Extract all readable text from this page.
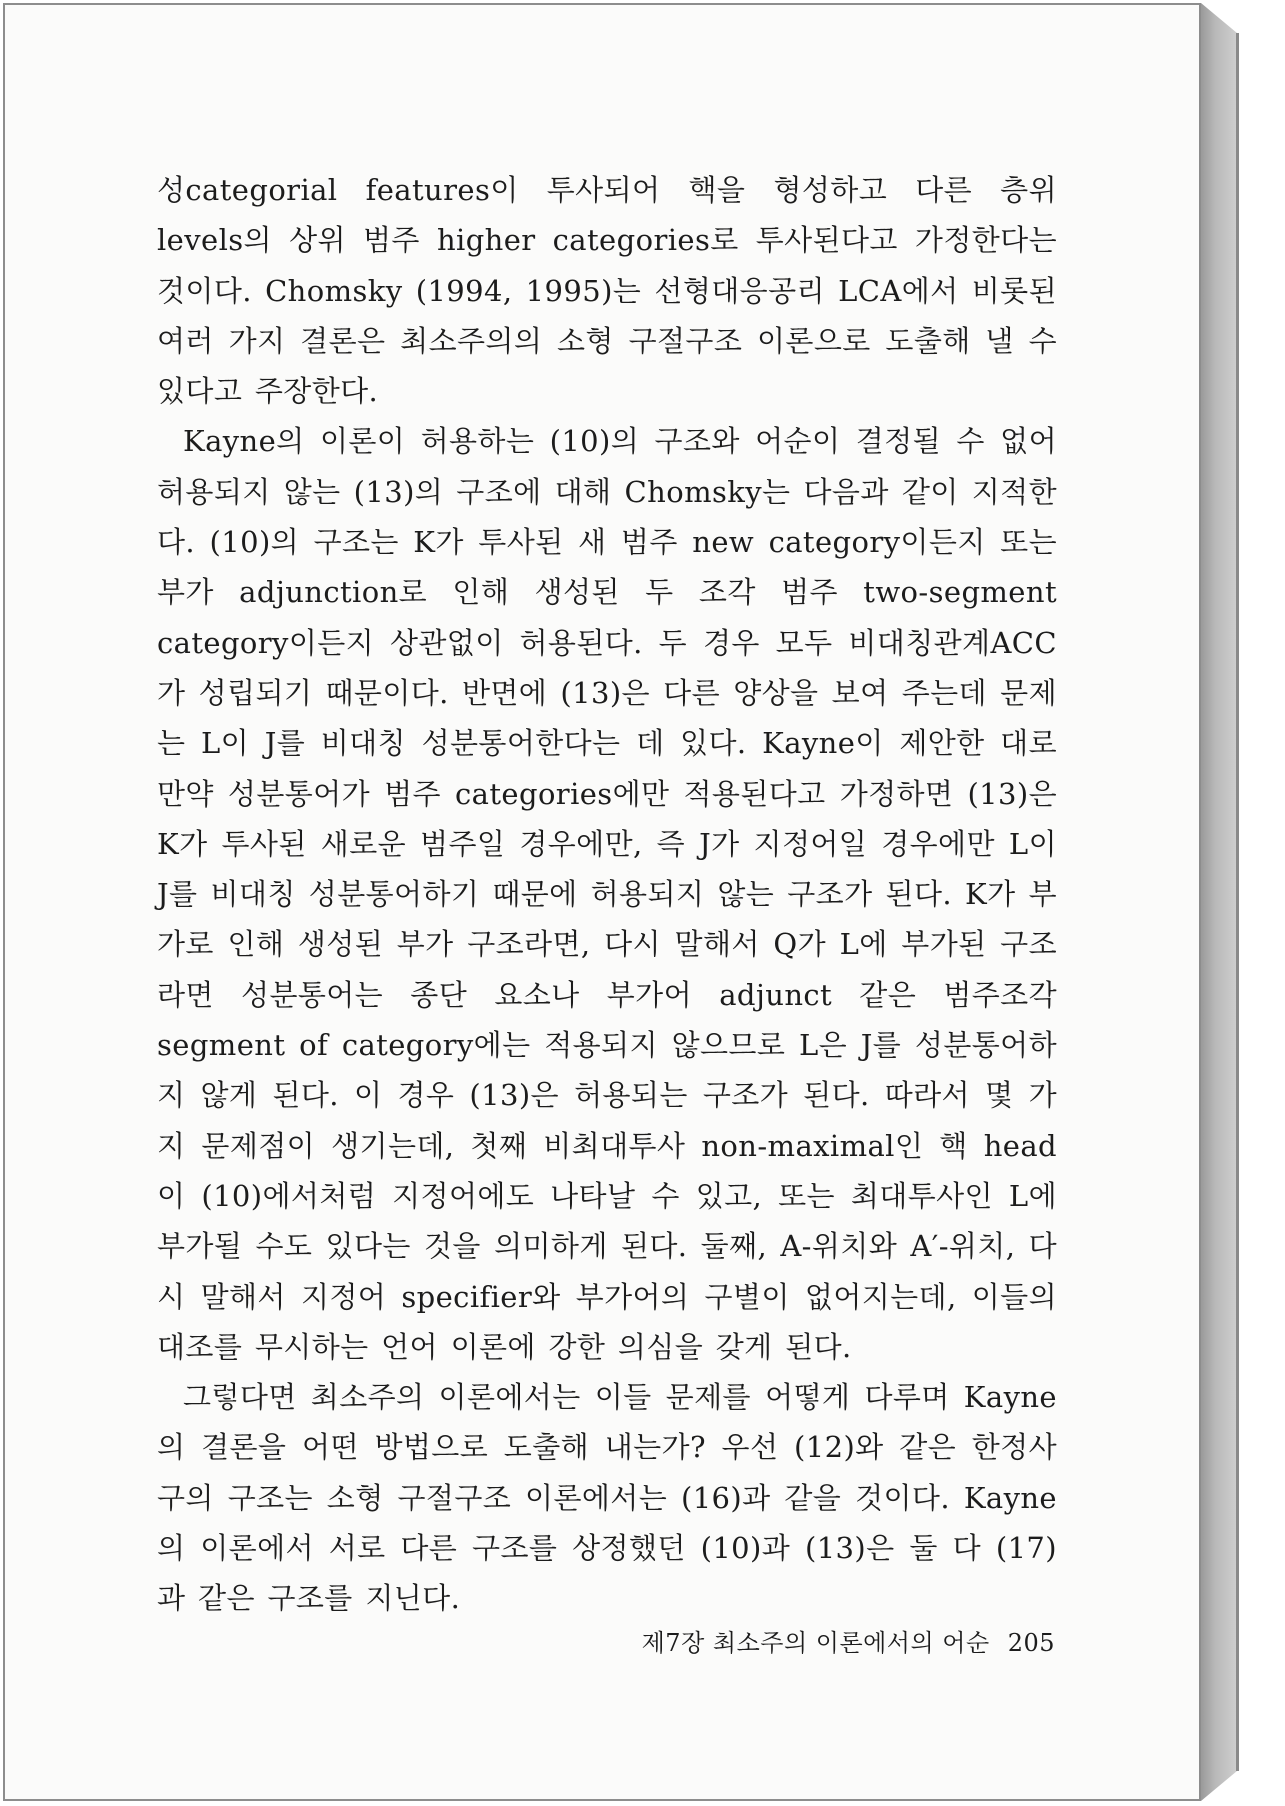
성categorial features이 투사되어 핵을 형성하고 다른 층위 levels의 상위 범주 higher categories로 투사된다고 가정한다는 것이다. Chomsky (1994, 1995)는 선형대응공리 LCA에서 비롯된 여러 가지 결론은 최소주의의 소형 구절구조 이론으로 도출해 낼 수 있다고 주장한다.

Kayne의 이론이 허용하는 (10)의 구조와 어순이 결정될 수 없어 허용되지 않는 (13)의 구조에 대해 Chomsky는 다음과 같이 지적한다. (10)의 구조는 K가 투사된 새 범주 new category이든지 또는 부가 adjunction로 인해 생성된 두 조각 범주 two-segment category이든지 상관없이 허용된다. 두 경우 모두 비대칭관계ACC가 성립되기 때문이다. 반면에 (13)은 다른 양상을 보여 주는데 문제는 L이 J를 비대칭 성분통어한다는 데 있다. Kayne이 제안한 대로 만약 성분통어가 범주 categories에만 적용된다고 가정하면 (13)은 K가 투사된 새로운 범주일 경우에만, 즉 J가 지정어일 경우에만 L이 J를 비대칭 성분통어하기 때문에 허용되지 않는 구조가 된다. K가 부가로 인해 생성된 부가 구조라면, 다시 말해서 Q가 L에 부가된 구조라면 성분통어는 종단 요소나 부가어 adjunct 같은 범주조각 segment of category에는 적용되지 않으므로 L은 J를 성분통어하지 않게 된다. 이 경우 (13)은 허용되는 구조가 된다. 따라서 몇 가지 문제점이 생기는데, 첫째 비최대투사 non-maximal인 핵 head이 (10)에서처럼 지정어에도 나타날 수 있고, 또는 최대투사인 L에 부가될 수도 있다는 것을 의미하게 된다. 둘째, A-위치와 A′-위치, 다시 말해서 지정어 specifier와 부가어의 구별이 없어지는데, 이들의 대조를 무시하는 언어 이론에 강한 의심을 갖게 된다.

그렇다면 최소주의 이론에서는 이들 문제를 어떻게 다루며 Kayne의 결론을 어떤 방법으로 도출해 내는가? 우선 (12)와 같은 한정사구의 구조는 소형 구절구조 이론에서는 (16)과 같을 것이다. Kayne의 이론에서 서로 다른 구조를 상정했던 (10)과 (13)은 둘 다 (17)과 같은 구조를 지닌다.

제7장 최소주의 이론에서의 어순 205
